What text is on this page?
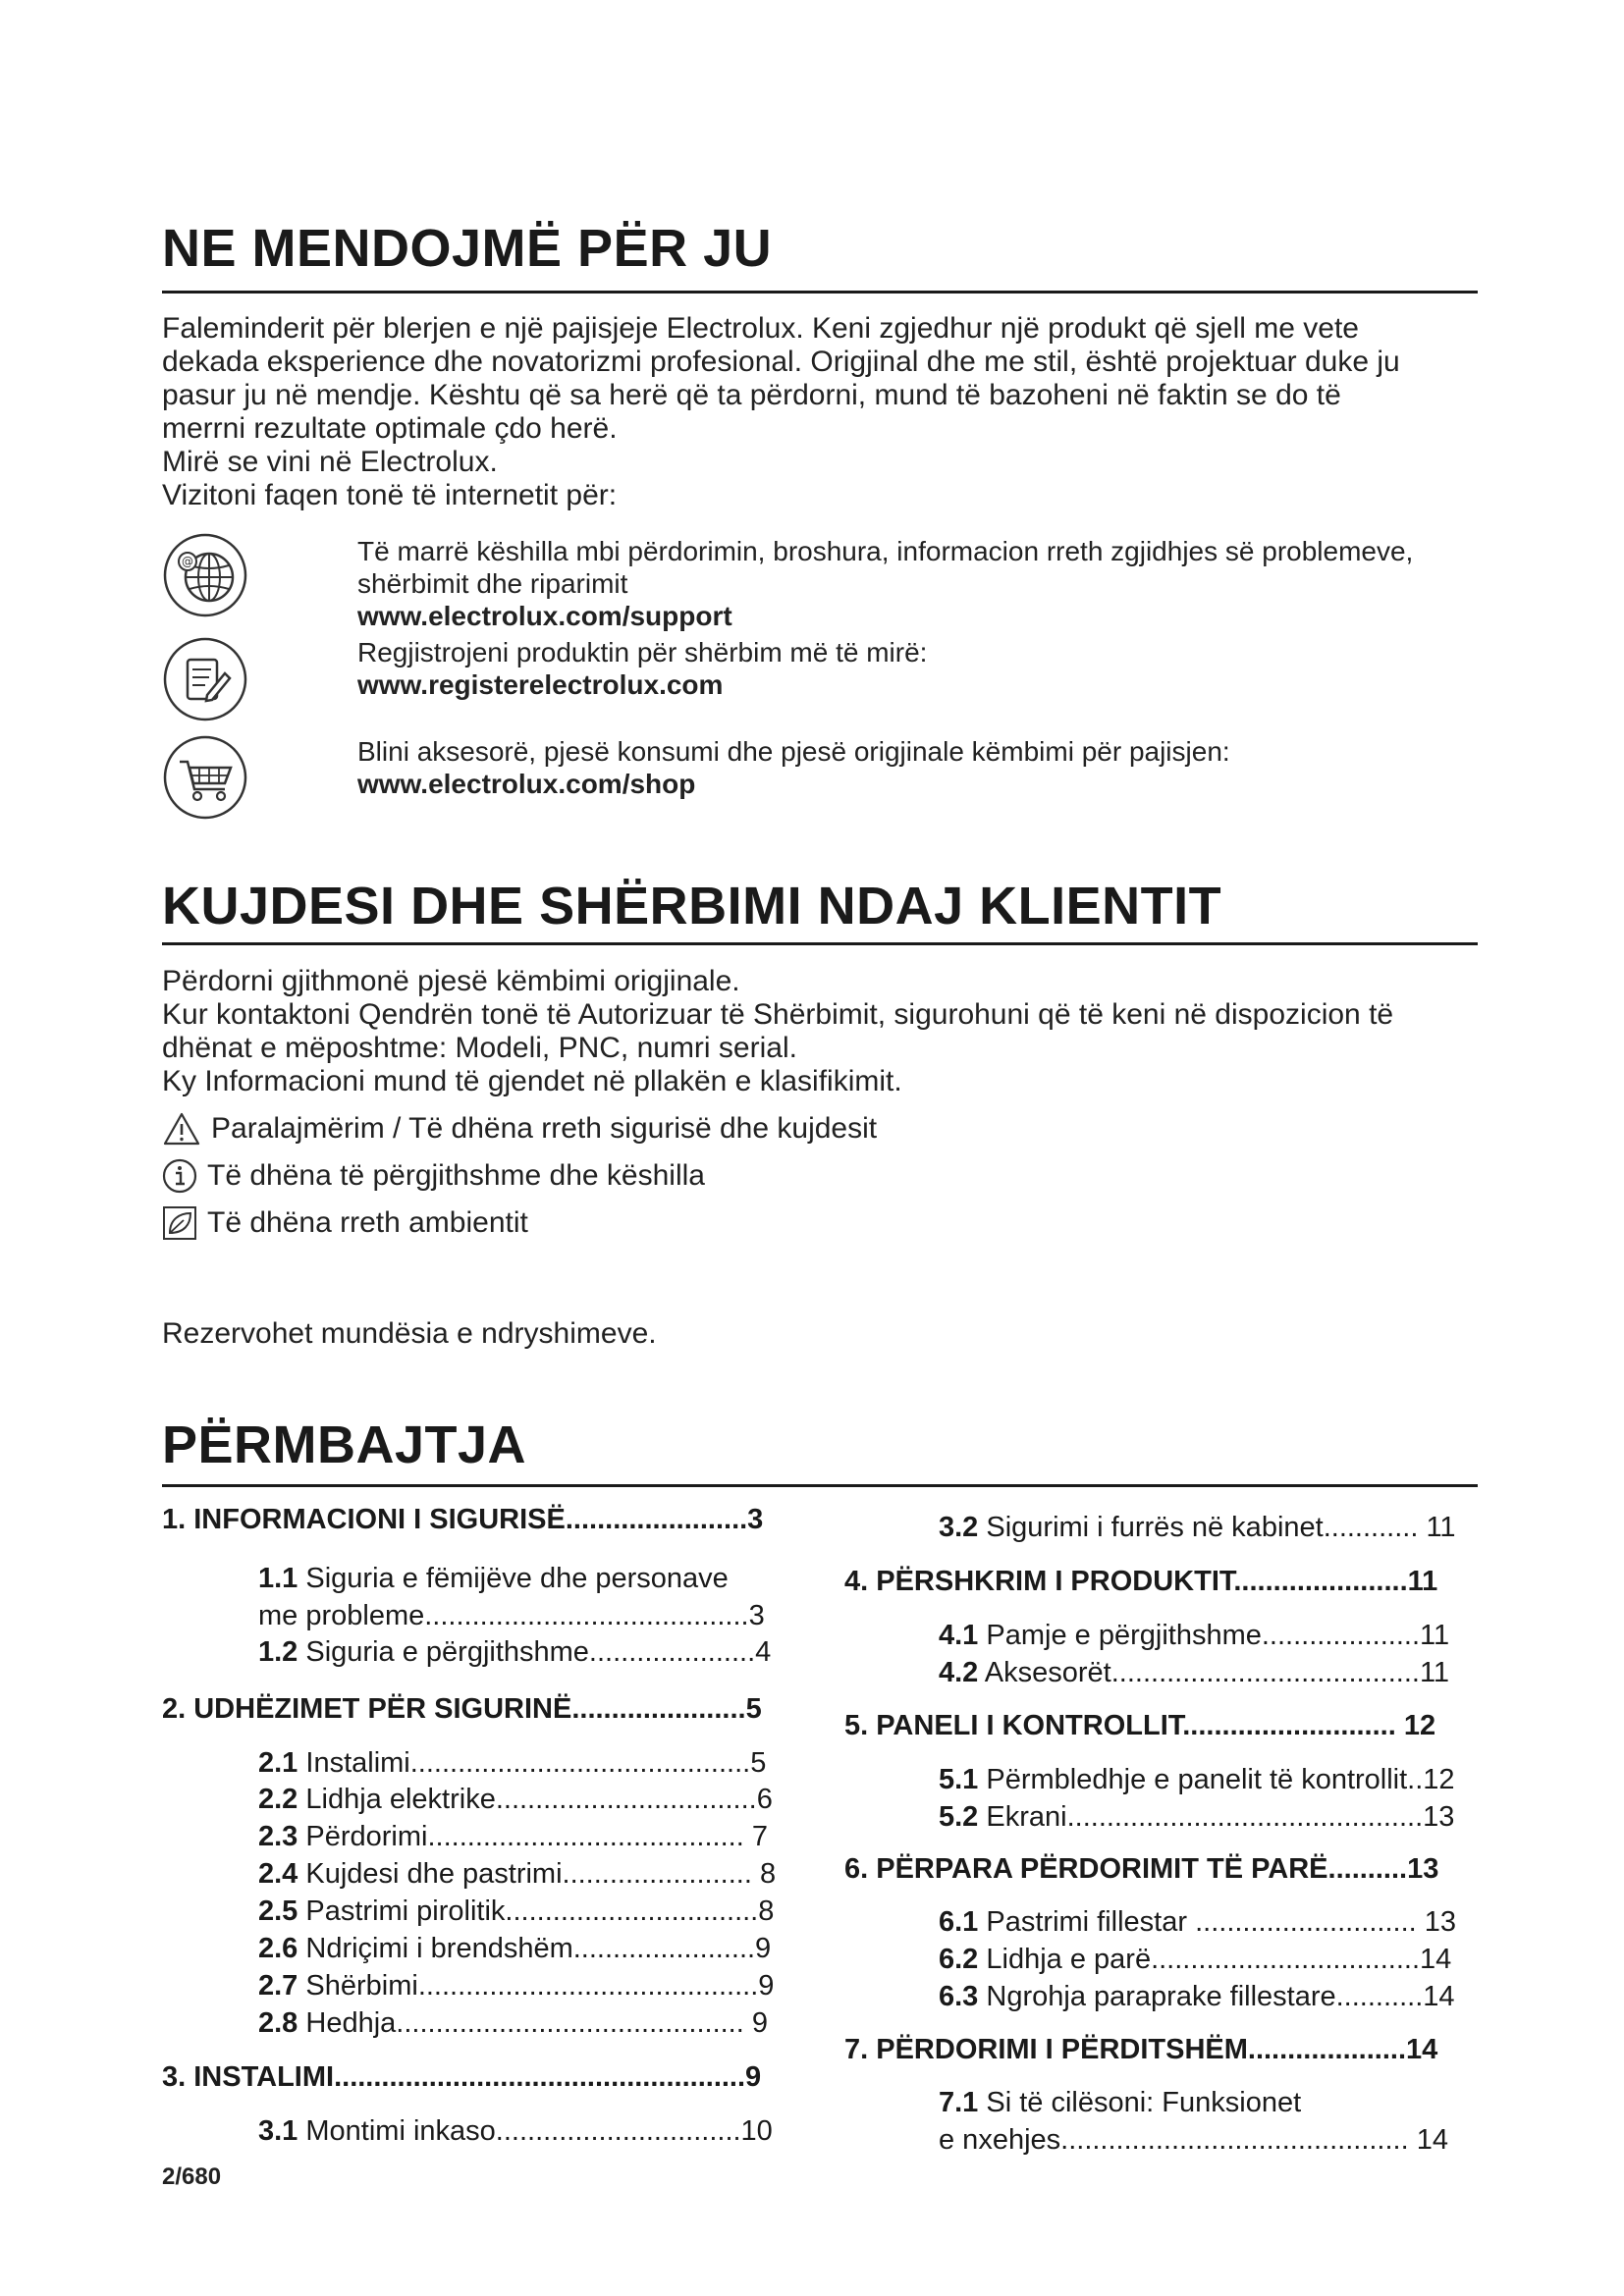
NE MENDOJMË PËR JU
Faleminderit për blerjen e një pajisjeje Electrolux. Keni zgjedhur një produkt që sjell me vete
dekada eksperience dhe novatorizmi profesional. Origjinal dhe me stil, është projektuar duke ju
pasur ju në mendje. Kështu që sa herë që ta përdorni, mund të bazoheni në faktin se do të
merrni rezultate optimale çdo herë.
Mirë se vini në Electrolux.
Vizitoni faqen tonë të internetit për:
@	Të marrë këshilla mbi përdorimin, broshura, informacion rreth zgjidhjes së problemeve,
shërbimit dhe riparimit
www.electrolux.com/support
Regjistrojeni produktin për shërbim më të mirë:
www.registerelectrolux.com
Blini aksesorë, pjesë konsumi dhe pjesë origjinale këmbimi për pajisjen:
www.electrolux.com/shop
KUJDESI DHE SHËRBIMI NDAJ KLIENTIT
Përdorni gjithmonë pjesë këmbimi origjinale.
Kur kontaktoni Qendrën tonë të Autorizuar të Shërbimit, sigurohuni që të keni në dispozicion të
dhënat e mëposhtme: Modeli, PNC, numri serial.
Ky Informacioni mund të gjendet në pllakën e klasifikimit.
Paralajmërim / Të dhëna rreth sigurisë dhe kujdesit
Të dhëna të përgjithshme dhe këshilla
Të dhëna rreth ambientit
Rezervohet mundësia e ndryshimeve.
PËRMBAJTJA
1. INFORMACIONI I SIGURISË.......................3
1.1 Siguria e fëmijëve dhe personave
me probleme.........................................3
1.2 Siguria e përgjithshme.....................4
2. UDHËZIMET PËR SIGURINË......................5
2.1 Instalimi...........................................5
2.2 Lidhja elektrike.................................6
2.3 Përdorimi........................................ 7
2.4 Kujdesi dhe pastrimi........................ 8
2.5 Pastrimi pirolitik................................8
2.6 Ndriçimi i brendshëm.......................9
2.7 Shërbimi...........................................9
2.8 Hedhja............................................ 9
3. INSTALIMI....................................................9
3.1 Montimi inkaso...............................10
3.2 Sigurimi i furrës në kabinet............ 11
4. PËRSHKRIM I PRODUKTIT......................11
4.1 Pamje e përgjithshme....................11
4.2 Aksesorët.......................................11
5. PANELI I KONTROLLIT........................... 12
5.1 Përmbledhje e panelit të kontrollit..12
5.2 Ekrani.............................................13
6. PËRPARA PËRDORIMIT TË PARË..........13
6.1 Pastrimi fillestar ............................ 13
6.2 Lidhja e parë..................................14
6.3 Ngrohja paraprake fillestare...........14
7. PËRDORIMI I PËRDITSHËM....................14
7.1 Si të cilësoni: Funksionet
e nxehjes............................................ 14
2/680
